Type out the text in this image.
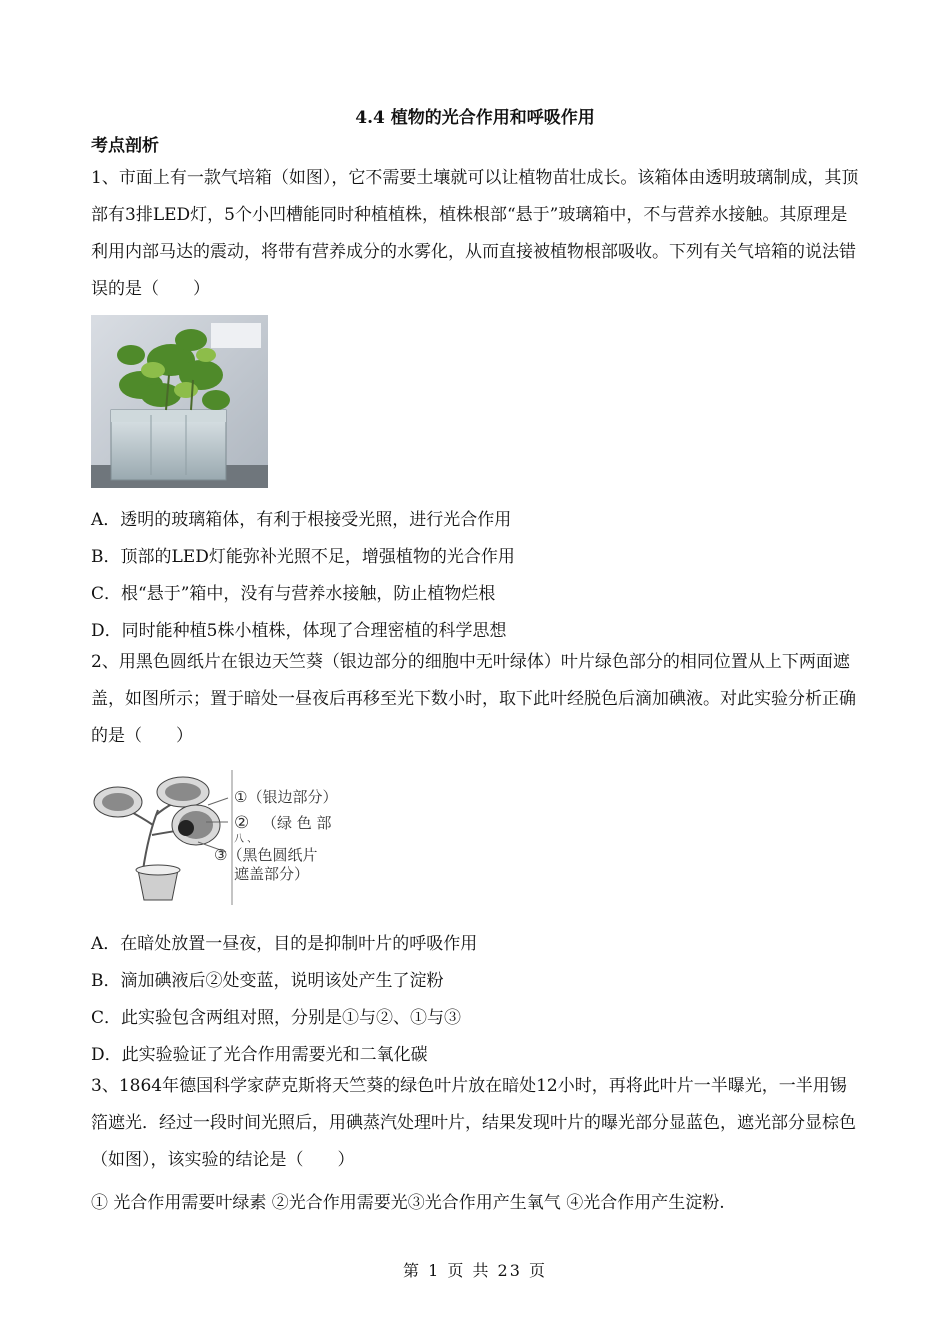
4.4 植物的光合作用和呼吸作用
考点剖析

1、市面上有一款气培箱（如图），它不需要土壤就可以让植物苗壮成长。该箱体由透明玻璃制成，其顶部有3排LED灯，5个小凹槽能同时种植植株，植株根部“悬于”玻璃箱中，不与营养水接触。其原理是利用内部马达的震动，将带有营养成分的水雾化，从而直接被植物根部吸收。下列有关气培箱的说法错误的是（　　）

A．透明的玻璃箱体，有利于根接受光照，进行光合作用
B．顶部的LED灯能弥补光照不足，增强植物的光合作用
C．根“悬于”箱中，没有与营养水接触，防止植物烂根
D．同时能种植5株小植株，体现了合理密植的科学思想

2、用黑色圆纸片在银边天竺葵（银边部分的细胞中无叶绿体）叶片绿色部分的相同位置从上下两面遮盖，如图所示；置于暗处一昼夜后再移至光下数小时，取下此叶经脱色后滴加碘液。对此实验分析正确的是（　　）

①（银边部分）
② （绿 色 部
八 、
③（黑色圆纸片
遮盖部分）
A．在暗处放置一昼夜，目的是抑制叶片的呼吸作用
B．滴加碘液后②处变蓝，说明该处产生了淀粉
C．此实验包含两组对照，分别是①与②、①与③
D．此实验验证了光合作用需要光和二氧化碳

3、1864年德国科学家萨克斯将天竺葵的绿色叶片放在暗处12小时，再将此叶片一半曝光，一半用锡箔遮光．经过一段时间光照后，用碘蒸汽处理叶片，结果发现叶片的曝光部分显蓝色，遮光部分显棕色（如图），该实验的结论是（　　）

① 光合作用需要叶绿素 ②光合作用需要光③光合作用产生氧气 ④光合作用产生淀粉.
第 1 页 共 23 页
